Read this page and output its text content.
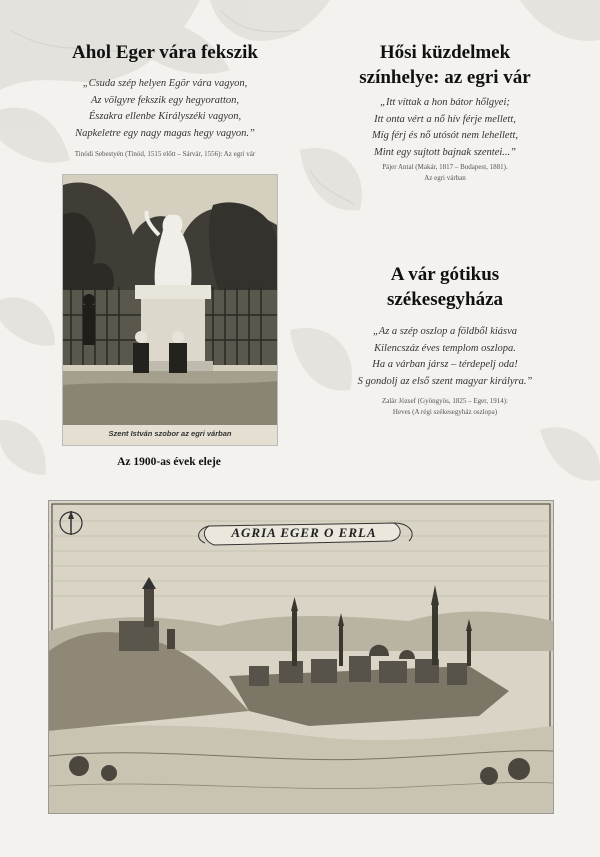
Ahol Eger vára fekszik
„Csuda szép helyen Egör vára vagyon,
Az völgyre fekszik egy hegyoratton,
Északra ellenbe Királyszéki vagyon,
Napkeletre egy nagy magas hegy vagyon.”
Tinódi Sebestyén (Tinód, 1515 előtt – Sárvár, 1556): Az egri vár
Hősi küzdelmek
színhelye: az egri vár
„Itt víttak a hon bátor hőlgyei;
Itt onta vért a nő hív férje mellett,
Míg férj és nő utósót nem lehellett,
Mint egy sujtott bajnak szentei...”
Pájer Antal (Makár, 1817 – Budapest, 1881).
Az egri várban
A vár gótikus
székesegyháza
„Az a szép oszlop a földből kiásva
Kilencszáz éves templom oszlopa.
Ha a várban jársz – térdepelj oda!
S gondolj az első szent magyar királyra.”
Zalár József (Gyöngyös, 1825 – Eger, 1914):
Heves (A régi székesegyház oszlopa)
Szent István szobor az egri várban
Az 1900-as évek eleje
AGRIA EGER O ERLA
